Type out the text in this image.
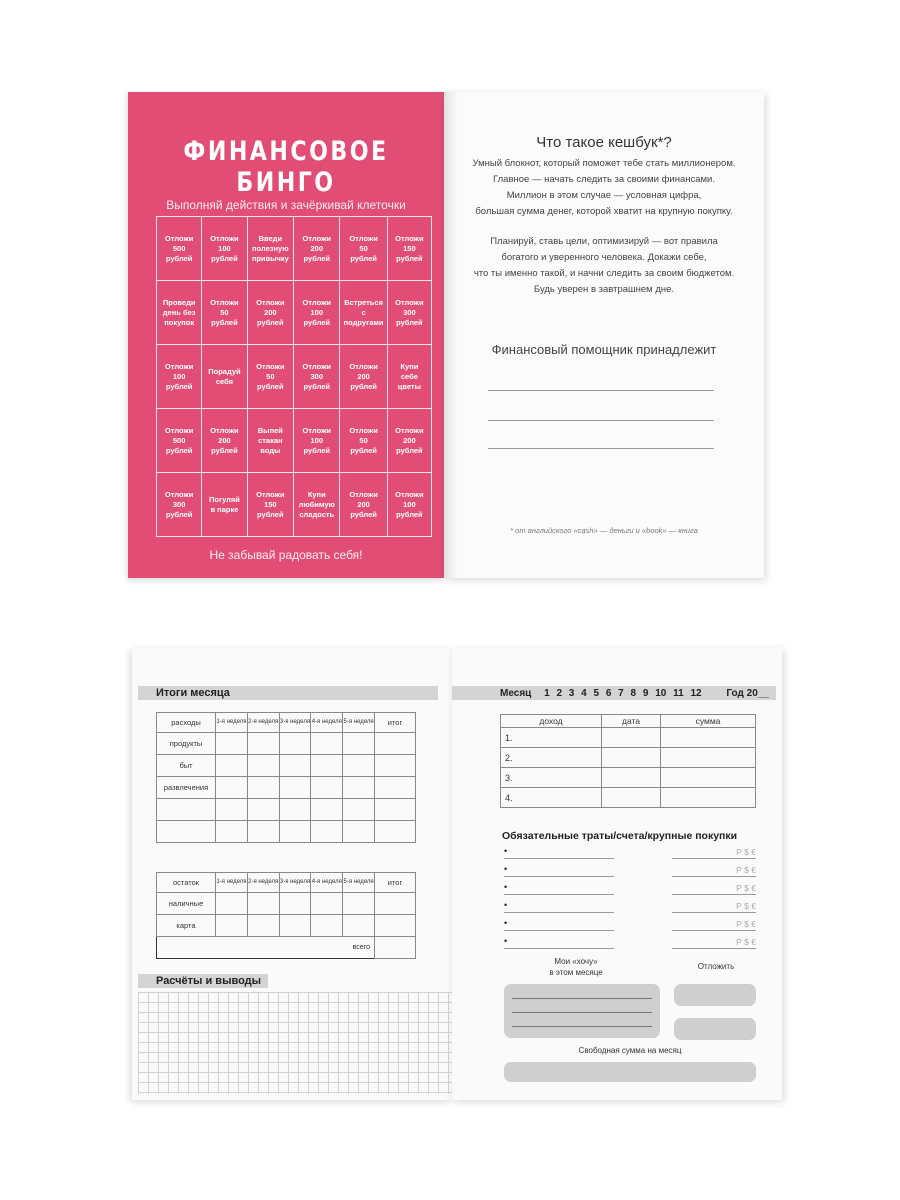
ФИНАНСОВОЕ БИНГО
Выполняй действия и зачёркивай клеточки
Отложи
500
рублей	Отложи
100
рублей	Введи
полезную
привычку	Отложи
200
рублей	Отложи
50
рублей	Отложи
150
рублей
Проведи
день без
покупок	Отложи
50
рублей	Отложи
200
рублей	Отложи
100
рублей	Встреться с
подругами	Отложи
300
рублей
Отложи
100
рублей	Порадуй
себя	Отложи
50
рублей	Отложи
300
рублей	Отложи
200
рублей	Купи
себе
цветы
Отложи
500
рублей	Отложи
200
рублей	Выпей
стакан
воды	Отложи
100
рублей	Отложи
50
рублей	Отложи
200
рублей
Отложи
300
рублей	Погуляй
в парке	Отложи
150
рублей	Купи
любимую
сладость	Отложи
200
рублей	Отложи
100
рублей
Не забывай радовать себя!
Что такое кешбук*?
Умный блокнот, который поможет тебе стать миллионером.
Главное — начать следить за своими финансами.
Миллион в этом случае — условная цифра,
большая сумма денег, которой хватит на крупную покупку.
Планируй, ставь цели, оптимизируй — вот правила
богатого и уверенного человека. Докажи себе,
что ты именно такой, и начни следить за своим бюджетом.
Будь уверен в завтрашнем дне.
Финансовый помощник принадлежит
* от английского «cash» — деньги и «book» — книга
Итоги месяца
расходы	1-я неделя	2-я неделя	3-я неделя	4-я неделя	5-я неделя	итог
продукты						
быт						
развлечения						

остаток	1-я неделя	2-я неделя	3-я неделя	4-я неделя	5-я неделя	итог
наличные						
карта						
всего						
Расчёты и выводы
Месяц 1 2 3 4 5 6 7 8 9 10 11 12 Год 20__
доход	дата	сумма
1.		
2.		
3.		
4.		
Обязательные траты/счета/крупные покупки
•
•
•
•
•
•
Р $ €
Р $ €
Р $ €
Р $ €
Р $ €
Р $ €
Мои «хочу»
в этом месяце
Отложить
Свободная сумма на месяц
